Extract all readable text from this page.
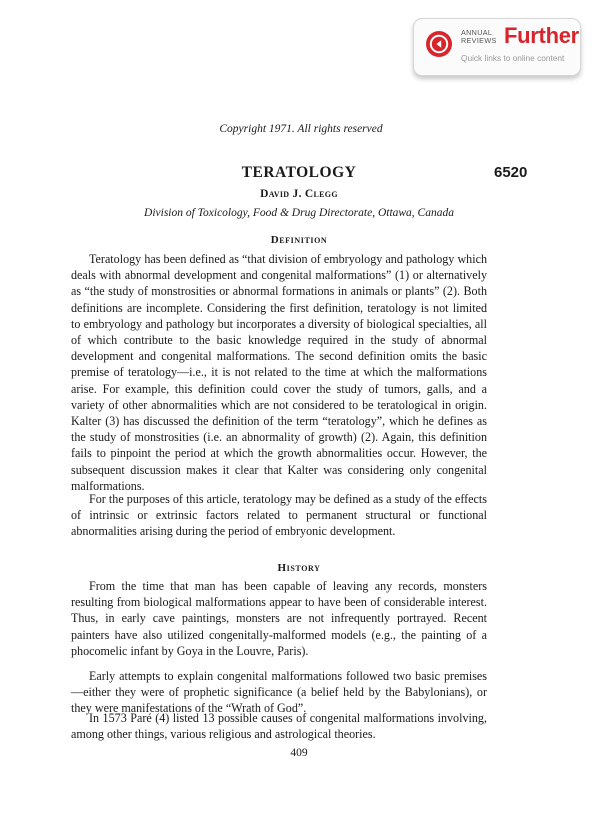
ANNUAL
REVIEWS Further
Quick links to online content
Copyright 1971. All rights reserved
TERATOLOGY	6520
David J. Clegg
Division of Toxicology, Food & Drug Directorate, Ottawa, Canada
Definition

Teratology has been defined as “that division of embryology and pathology which deals with abnormal development and congenital malformations” (1) or alternatively as “the study of monstrosities or abnormal formations in animals or plants” (2). Both definitions are incomplete. Considering the first definition, teratology is not limited to embryology and pathology but incorporates a diversity of biological specialties, all of which contribute to the basic knowledge required in the study of abnormal development and congenital malformations. The second definition omits the basic premise of teratology—i.e., it is not related to the time at which the malformations arise. For example, this definition could cover the study of tumors, galls, and a variety of other abnormalities which are not considered to be teratological in origin. Kalter (3) has discussed the definition of the term “teratology”, which he defines as the study of monstrosities (i.e. an abnormality of growth) (2). Again, this definition fails to pinpoint the period at which the growth abnormalities occur. However, the subsequent discussion makes it clear that Kalter was considering only congenital malformations.

For the purposes of this article, teratology may be defined as a study of the effects of intrinsic or extrinsic factors related to permanent structural or functional abnormalities arising during the period of embryonic development.

History

From the time that man has been capable of leaving any records, monsters resulting from biological malformations appear to have been of considerable interest. Thus, in early cave paintings, monsters are not infrequently portrayed. Recent painters have also utilized congenitally-malformed models (e.g., the painting of a phocomelic infant by Goya in the Louvre, Paris).

Early attempts to explain congenital malformations followed two basic premises—either they were of prophetic significance (a belief held by the Babylonians), or they were manifestations of the “Wrath of God”.

In 1573 Paré (4) listed 13 possible causes of congenital malformations involving, among other things, various religious and astrological theories.

409
